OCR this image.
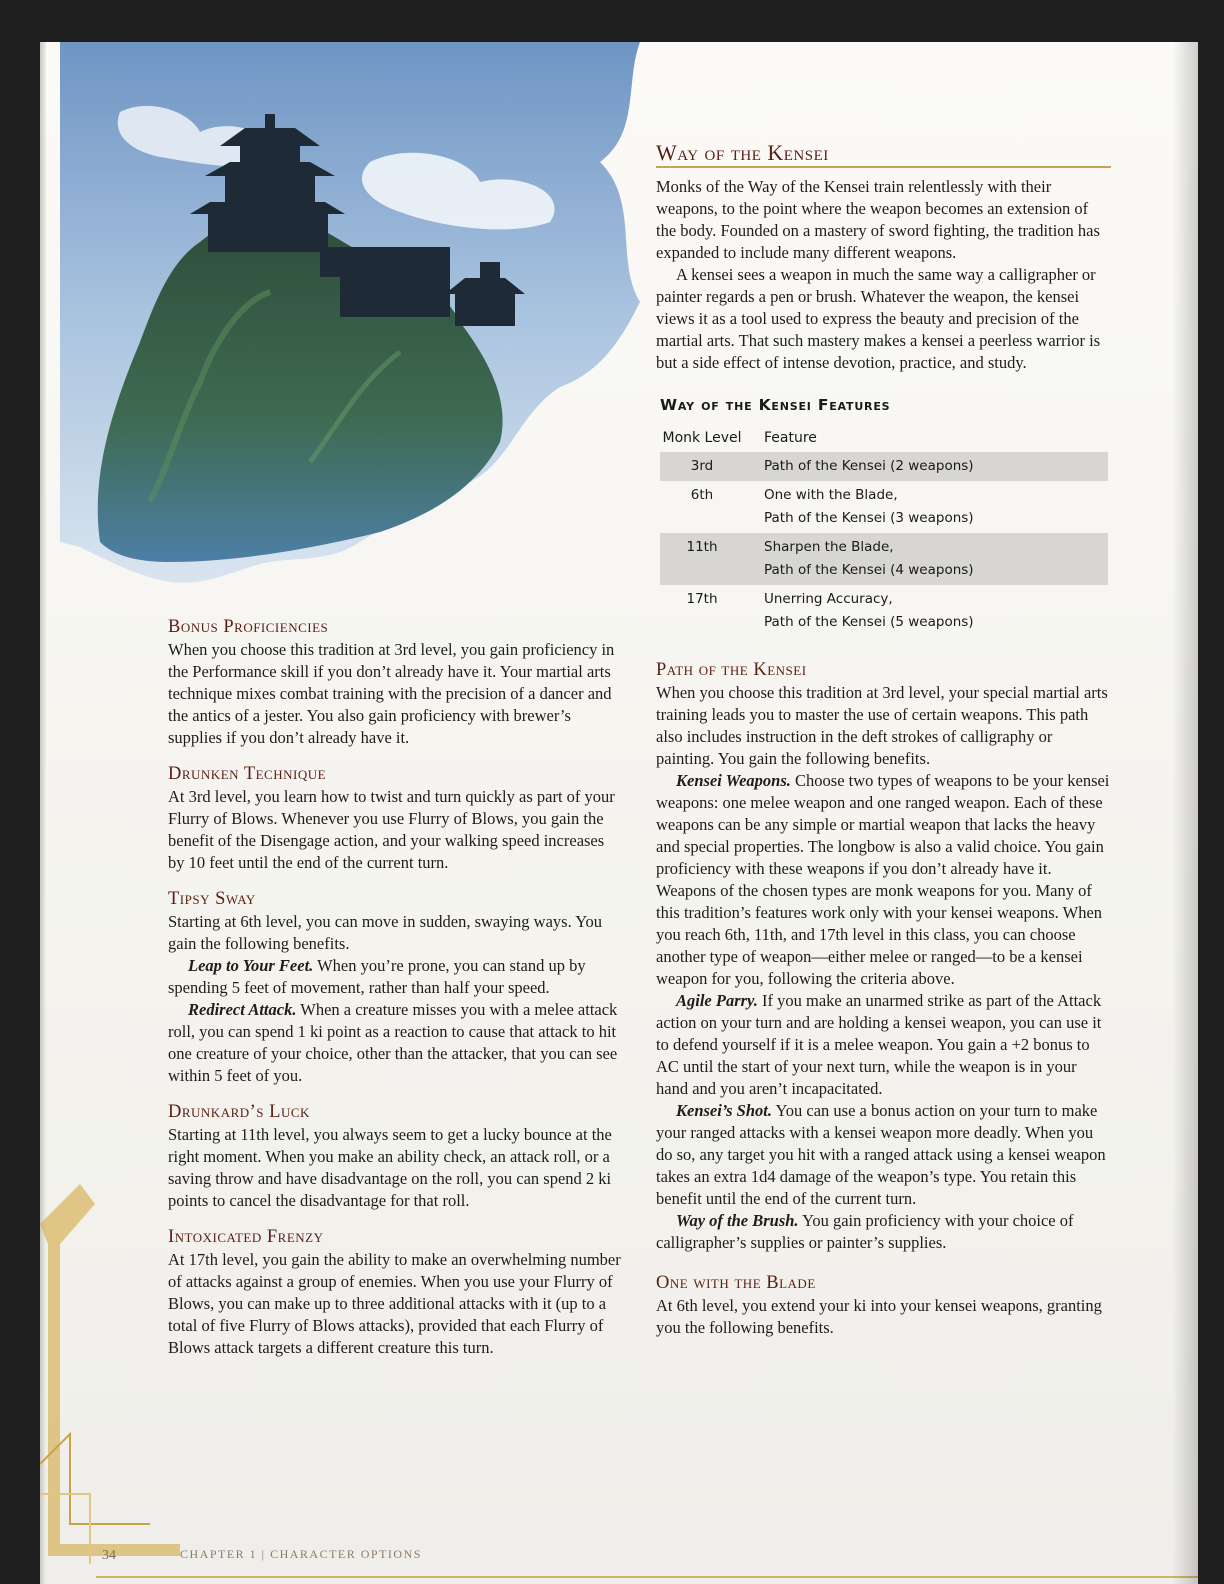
34	CHAPTER 1 | CHARACTER OPTIONS
Bonus Proficiencies

When you choose this tradition at 3rd level, you gain proficiency in the Performance skill if you don’t already have it. Your martial arts technique mixes combat training with the precision of a dancer and the antics of a jester. You also gain proficiency with brewer’s supplies if you don’t already have it.

Drunken Technique

At 3rd level, you learn how to twist and turn quickly as part of your Flurry of Blows. Whenever you use Flurry of Blows, you gain the benefit of the Disengage action, and your walking speed increases by 10 feet until the end of the current turn.

Tipsy Sway

Starting at 6th level, you can move in sudden, swaying ways. You gain the following benefits.

Leap to Your Feet. When you’re prone, you can stand up by spending 5 feet of movement, rather than half your speed.

Redirect Attack. When a creature misses you with a melee attack roll, you can spend 1 ki point as a reaction to cause that attack to hit one creature of your choice, other than the attacker, that you can see within 5 feet of you.

Drunkard’s Luck

Starting at 11th level, you always seem to get a lucky bounce at the right moment. When you make an ability check, an attack roll, or a saving throw and have disadvantage on the roll, you can spend 2 ki points to cancel the disadvantage for that roll.

Intoxicated Frenzy

At 17th level, you gain the ability to make an overwhelming number of attacks against a group of enemies. When you use your Flurry of Blows, you can make up to three additional attacks with it (up to a total of five Flurry of Blows attacks), provided that each Flurry of Blows attack targets a different creature this turn.

Way of the Kensei

Monks of the Way of the Kensei train relentlessly with their weapons, to the point where the weapon becomes an extension of the body. Founded on a mastery of sword fighting, the tradition has expanded to include many different weapons.

A kensei sees a weapon in much the same way a calligrapher or painter regards a pen or brush. Whatever the weapon, the kensei views it as a tool used to express the beauty and precision of the martial arts. That such mastery makes a kensei a peerless warrior is but a side effect of intense devotion, practice, and study.

Way of the Kensei Features
Monk Level	Feature
3rd	Path of the Kensei (2 weapons)
6th	One with the Blade,
Path of the Kensei (3 weapons)
11th	Sharpen the Blade,
Path of the Kensei (4 weapons)
17th	Unerring Accuracy,
Path of the Kensei (5 weapons)
Path of the Kensei

When you choose this tradition at 3rd level, your special martial arts training leads you to master the use of certain weapons. This path also includes instruction in the deft strokes of calligraphy or painting. You gain the following benefits.

Kensei Weapons. Choose two types of weapons to be your kensei weapons: one melee weapon and one ranged weapon. Each of these weapons can be any simple or martial weapon that lacks the heavy and special properties. The longbow is also a valid choice. You gain proficiency with these weapons if you don’t already have it. Weapons of the chosen types are monk weapons for you. Many of this tradition’s features work only with your kensei weapons. When you reach 6th, 11th, and 17th level in this class, you can choose another type of weapon—either melee or ranged—to be a kensei weapon for you, following the criteria above.

Agile Parry. If you make an unarmed strike as part of the Attack action on your turn and are holding a kensei weapon, you can use it to defend yourself if it is a melee weapon. You gain a +2 bonus to AC until the start of your next turn, while the weapon is in your hand and you aren’t incapacitated.

Kensei’s Shot. You can use a bonus action on your turn to make your ranged attacks with a kensei weapon more deadly. When you do so, any target you hit with a ranged attack using a kensei weapon takes an extra 1d4 damage of the weapon’s type. You retain this benefit until the end of the current turn.

Way of the Brush. You gain proficiency with your choice of calligrapher’s supplies or painter’s supplies.

One with the Blade

At 6th level, you extend your ki into your kensei weapons, granting you the following benefits.
